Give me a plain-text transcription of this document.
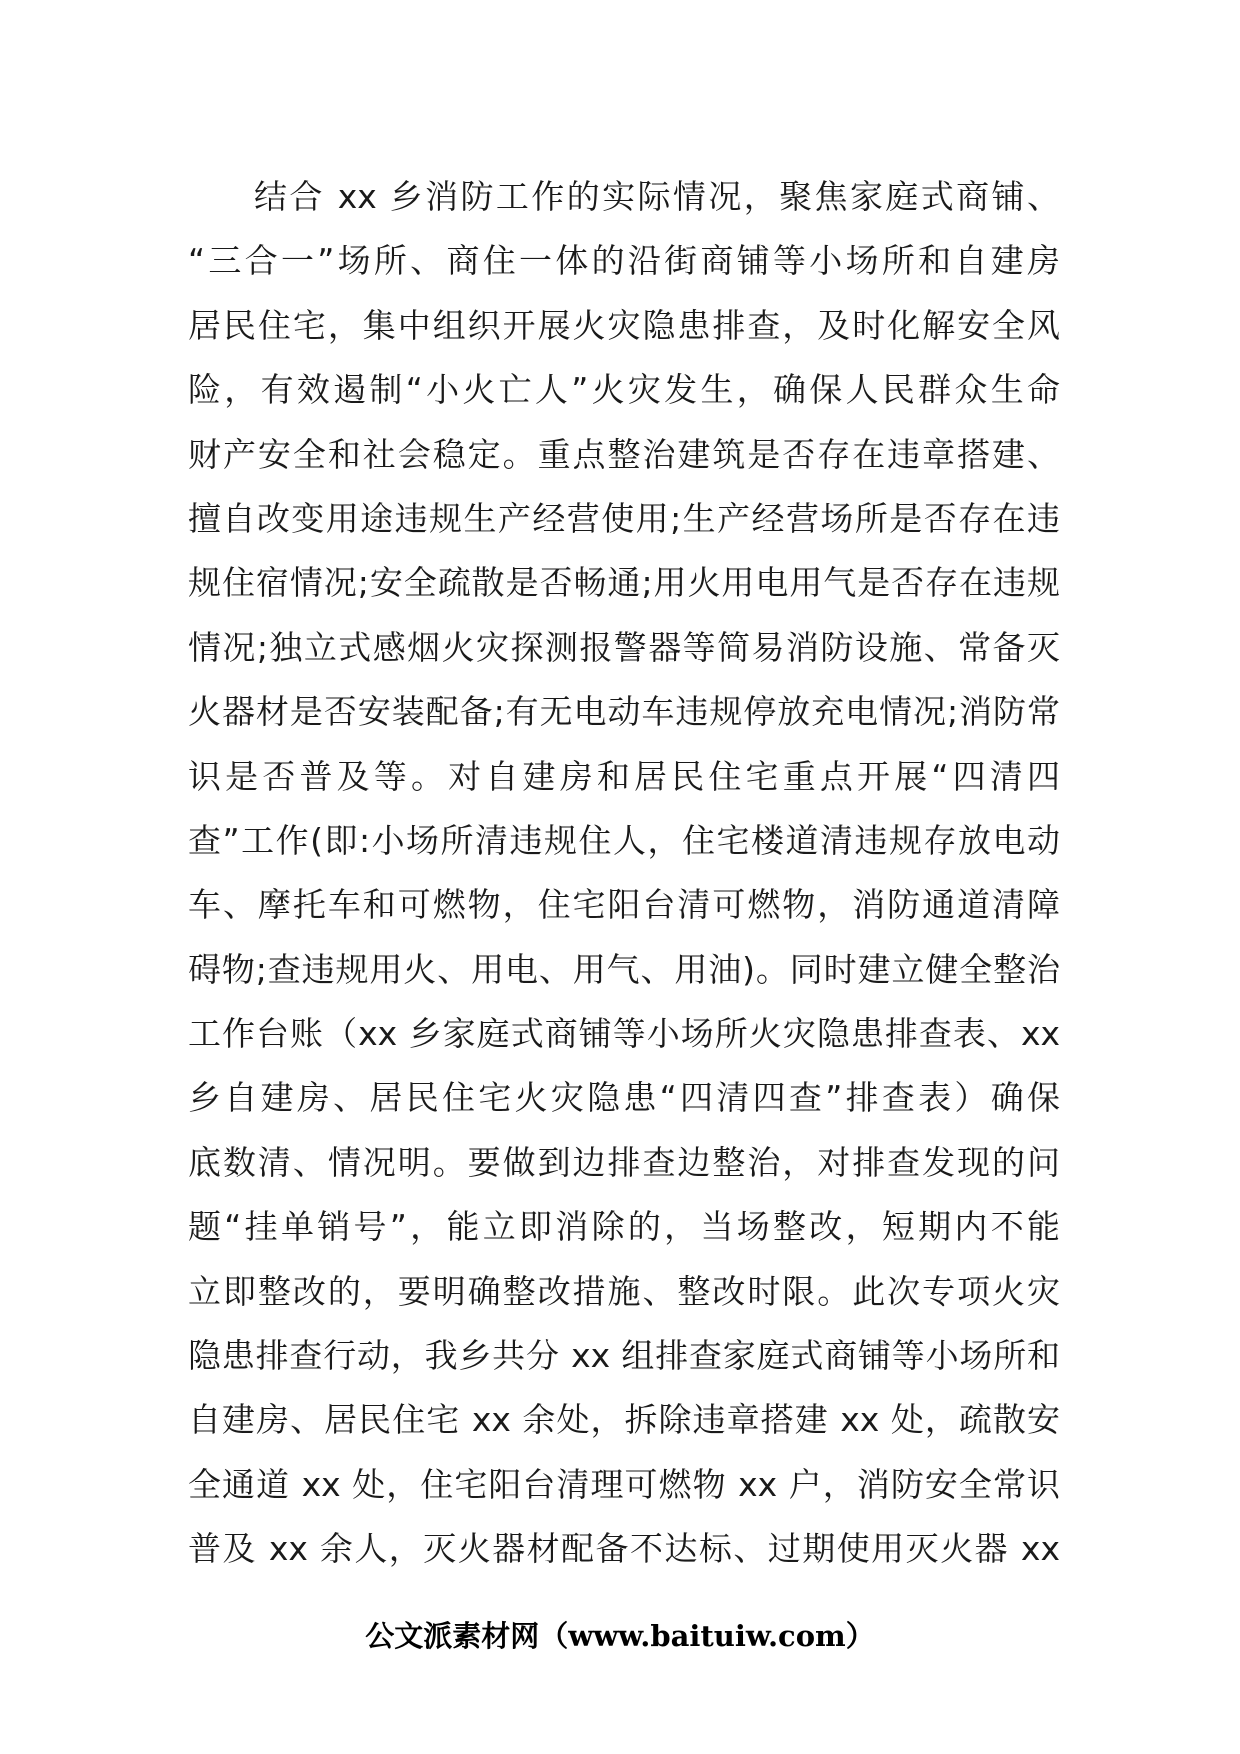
结合 xx 乡消防工作的实际情况，聚焦家庭式商铺、
“三合一”场所、商住一体的沿街商铺等小场所和自建房
居民住宅，集中组织开展火灾隐患排查，及时化解安全风
险，有效遏制“小火亡人”火灾发生，确保人民群众生命
财产安全和社会稳定。重点整治建筑是否存在违章搭建、
擅自改变用途违规生产经营使用;生产经营场所是否存在违
规住宿情况;安全疏散是否畅通;用火用电用气是否存在违规
情况;独立式感烟火灾探测报警器等简易消防设施、常备灭
火器材是否安装配备;有无电动车违规停放充电情况;消防常
识是否普及等。对自建房和居民住宅重点开展“四清四
查”工作(即:小场所清违规住人，住宅楼道清违规存放电动
车、摩托车和可燃物，住宅阳台清可燃物，消防通道清障
碍物;查违规用火、用电、用气、用油)。同时建立健全整治
工作台账（xx 乡家庭式商铺等小场所火灾隐患排查表、xx
乡自建房、居民住宅火灾隐患“四清四查”排查表）确保
底数清、情况明。要做到边排查边整治，对排查发现的问
题“挂单销号”，能立即消除的，当场整改，短期内不能
立即整改的，要明确整改措施、整改时限。此次专项火灾
隐患排查行动，我乡共分 xx 组排查家庭式商铺等小场所和
自建房、居民住宅 xx 余处，拆除违章搭建 xx 处，疏散安
全通道 xx 处，住宅阳台清理可燃物 xx 户，消防安全常识
普及 xx 余人，灭火器材配备不达标、过期使用灭火器 xx
公文派素材网（www.baituiw.com）
